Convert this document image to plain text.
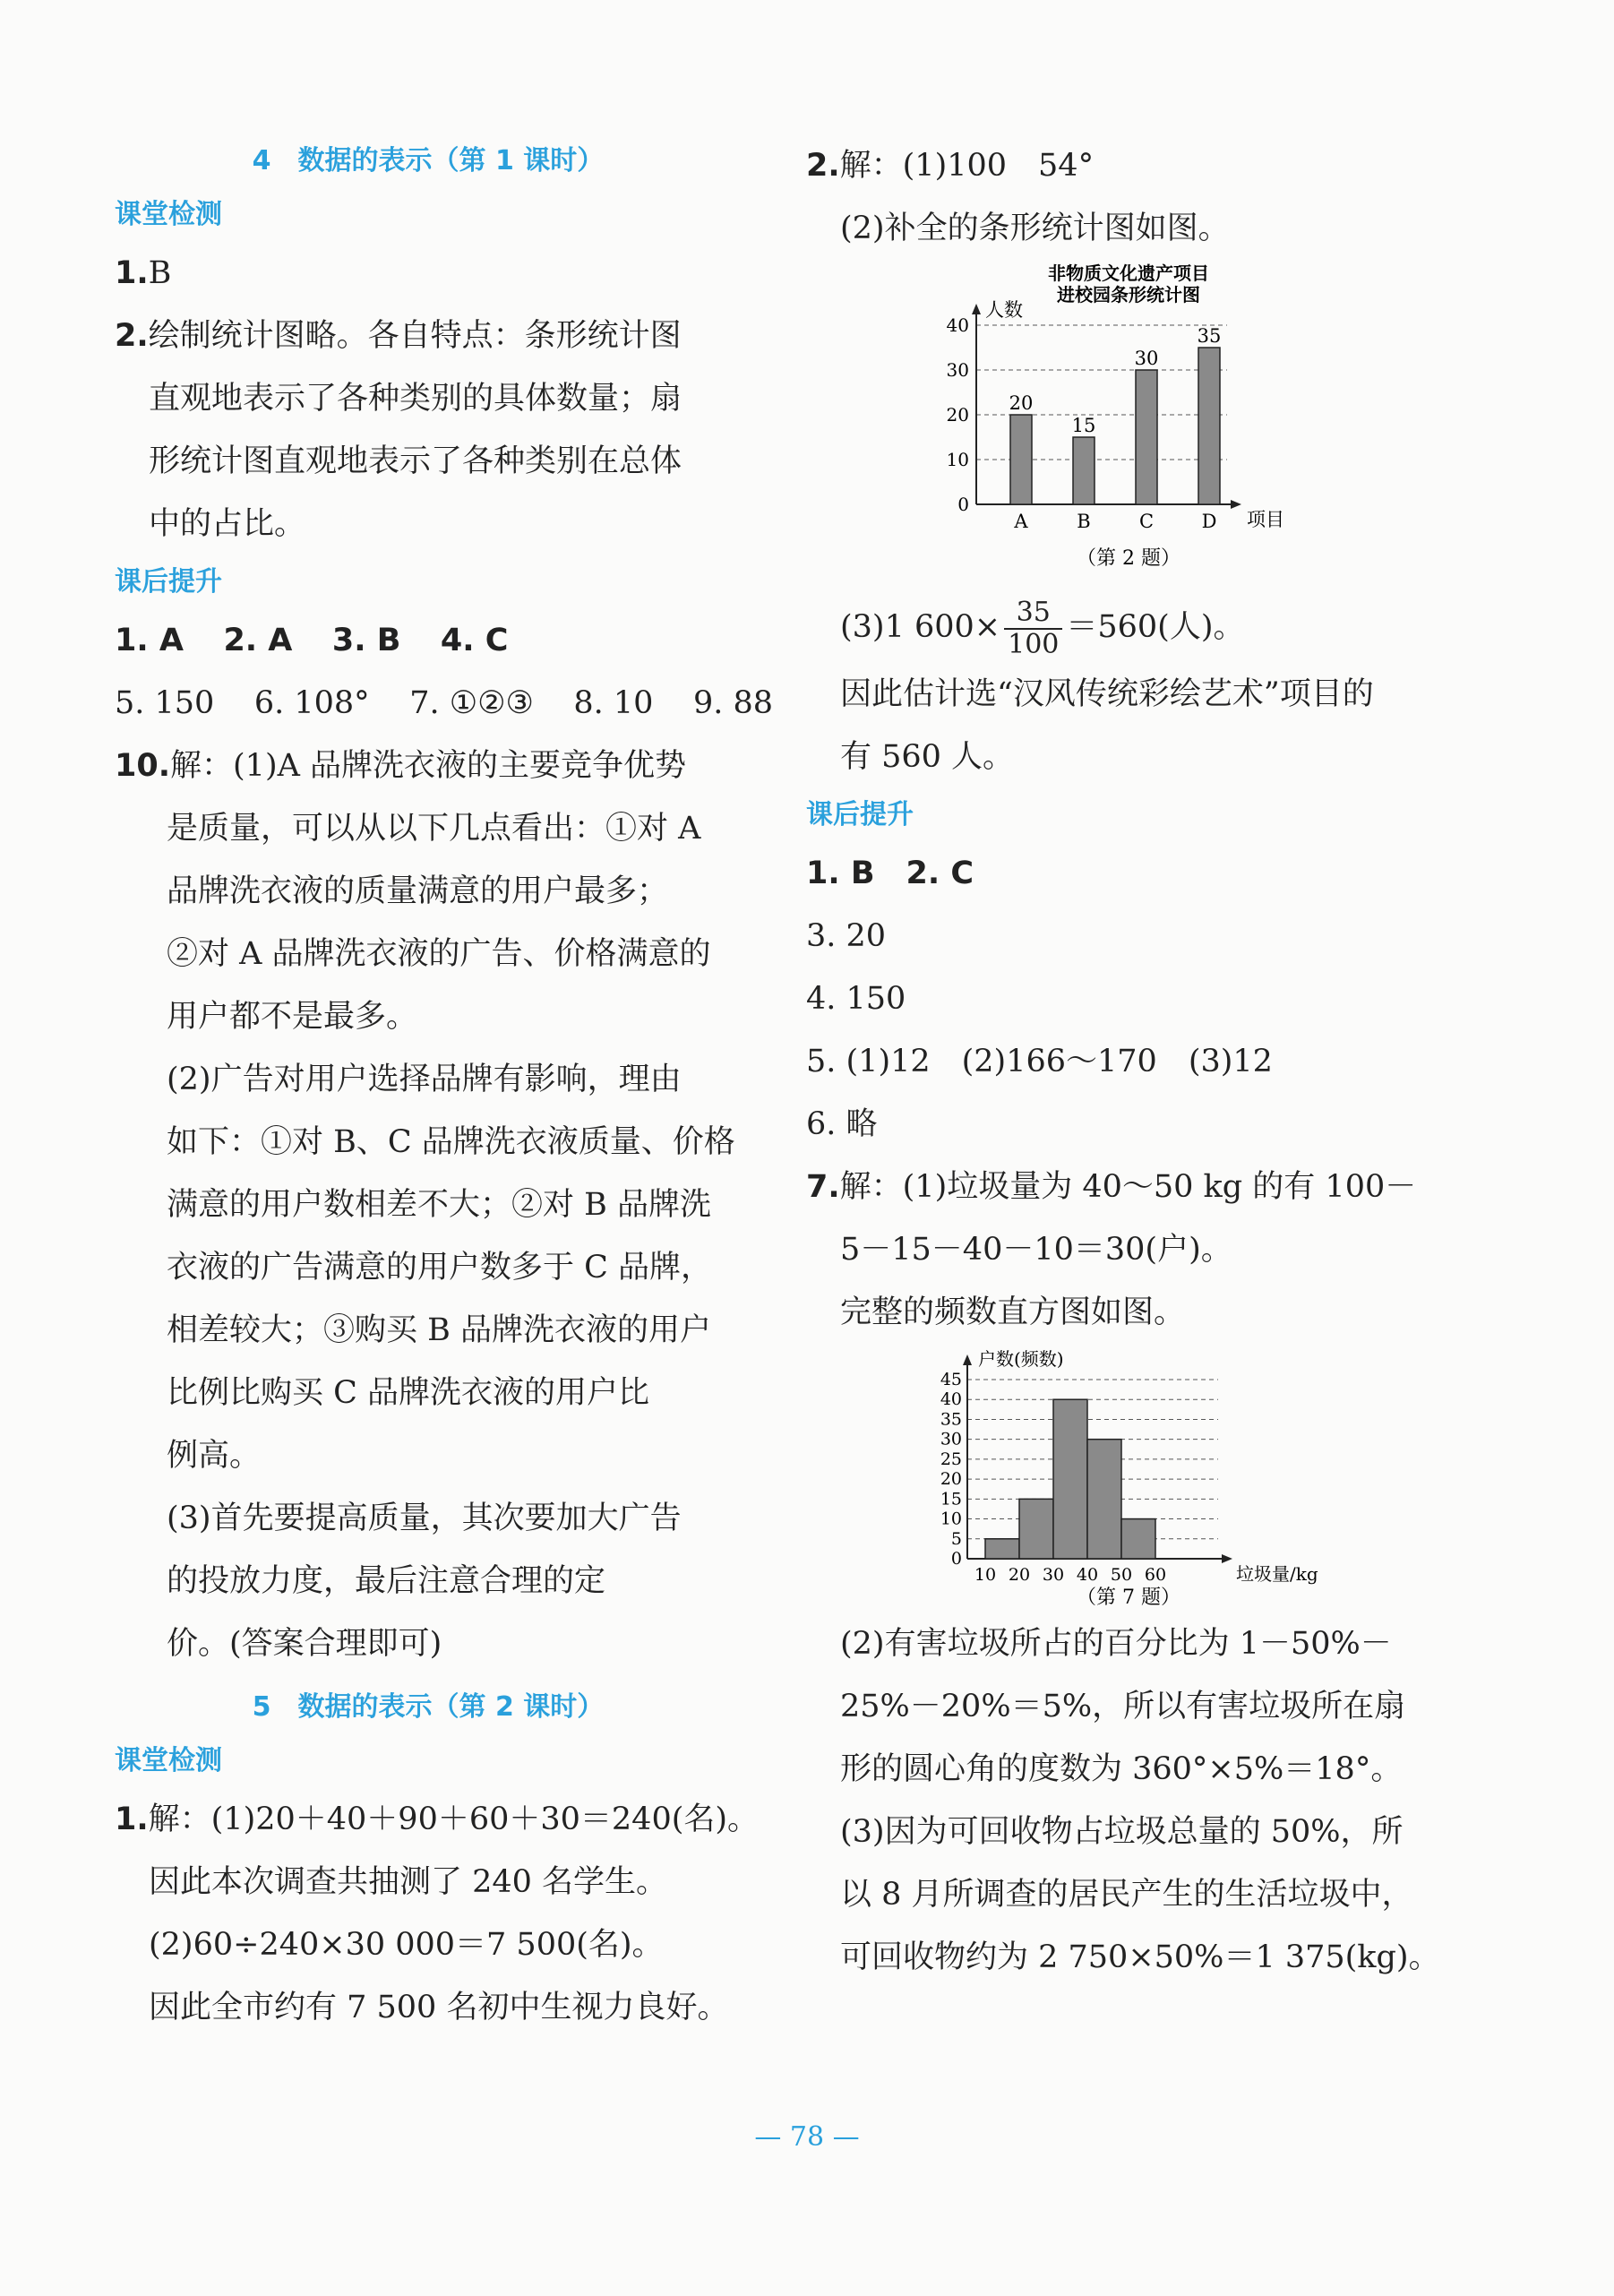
4　数据的表示（第 1 课时）
课堂检测
1.B
2.绘制统计图略。各自特点：条形统计图
直观地表示了各种类别的具体数量；扇
形统计图直观地表示了各种类别在总体
中的占比。
课后提升
1. A 2. A 3. B 4. C
5. 150 6. 108° 7. ①②③ 8. 10 9. 88
10.解：(1)A 品牌洗衣液的主要竞争优势
是质量，可以从以下几点看出：①对 A
品牌洗衣液的质量满意的用户最多；
②对 A 品牌洗衣液的广告、价格满意的
用户都不是最多。
(2)广告对用户选择品牌有影响，理由
如下：①对 B、C 品牌洗衣液质量、价格
满意的用户数相差不大；②对 B 品牌洗
衣液的广告满意的用户数多于 C 品牌，
相差较大；③购买 B 品牌洗衣液的用户
比例比购买 C 品牌洗衣液的用户比
例高。
(3)首先要提高质量，其次要加大广告
的投放力度，最后注意合理的定
价。(答案合理即可)
5　数据的表示（第 2 课时）
课堂检测
1.解：(1)20＋40＋90＋60＋30＝240(名)。
因此本次调查共抽测了 240 名学生。
(2)60÷240×30 000＝7 500(名)。
因此全市约有 7 500 名初中生视力良好。
2.解：(1)100　54°
(2)补全的条形统计图如图。
非物质文化遗产项目
进校园条形统计图
0
10
20
30
40
人数
项目
20
A
15
B
30
C
35
D
（第 2 题）
(3)1 $600\times \frac{35}{100} =560$(人)。
因此估计选“汉风传统彩绘艺术”项目的
有 560 人。
课后提升
1. B　2. C
3. 20
4. 150
5. (1)12　(2)166～170　(3)12
6. 略
7.解：(1)垃圾量为 40～50 kg 的有 100－
5－15－40－10＝30(户)。
完整的频数直方图如图。
0
5
10
15
20
25
30
35
40
45
户数(频数)
垃圾量/kg
10 20 30 40 50 60
（第 7 题）
(2)有害垃圾所占的百分比为 1－50%－
25%－20%＝5%，所以有害垃圾所在扇
形的圆心角的度数为 360°×5%＝18°。
(3)因为可回收物占垃圾总量的 50%，所
以 8 月所调查的居民产生的生活垃圾中，
可回收物约为 2 750×50%＝1 375(kg)。
— 78 —
